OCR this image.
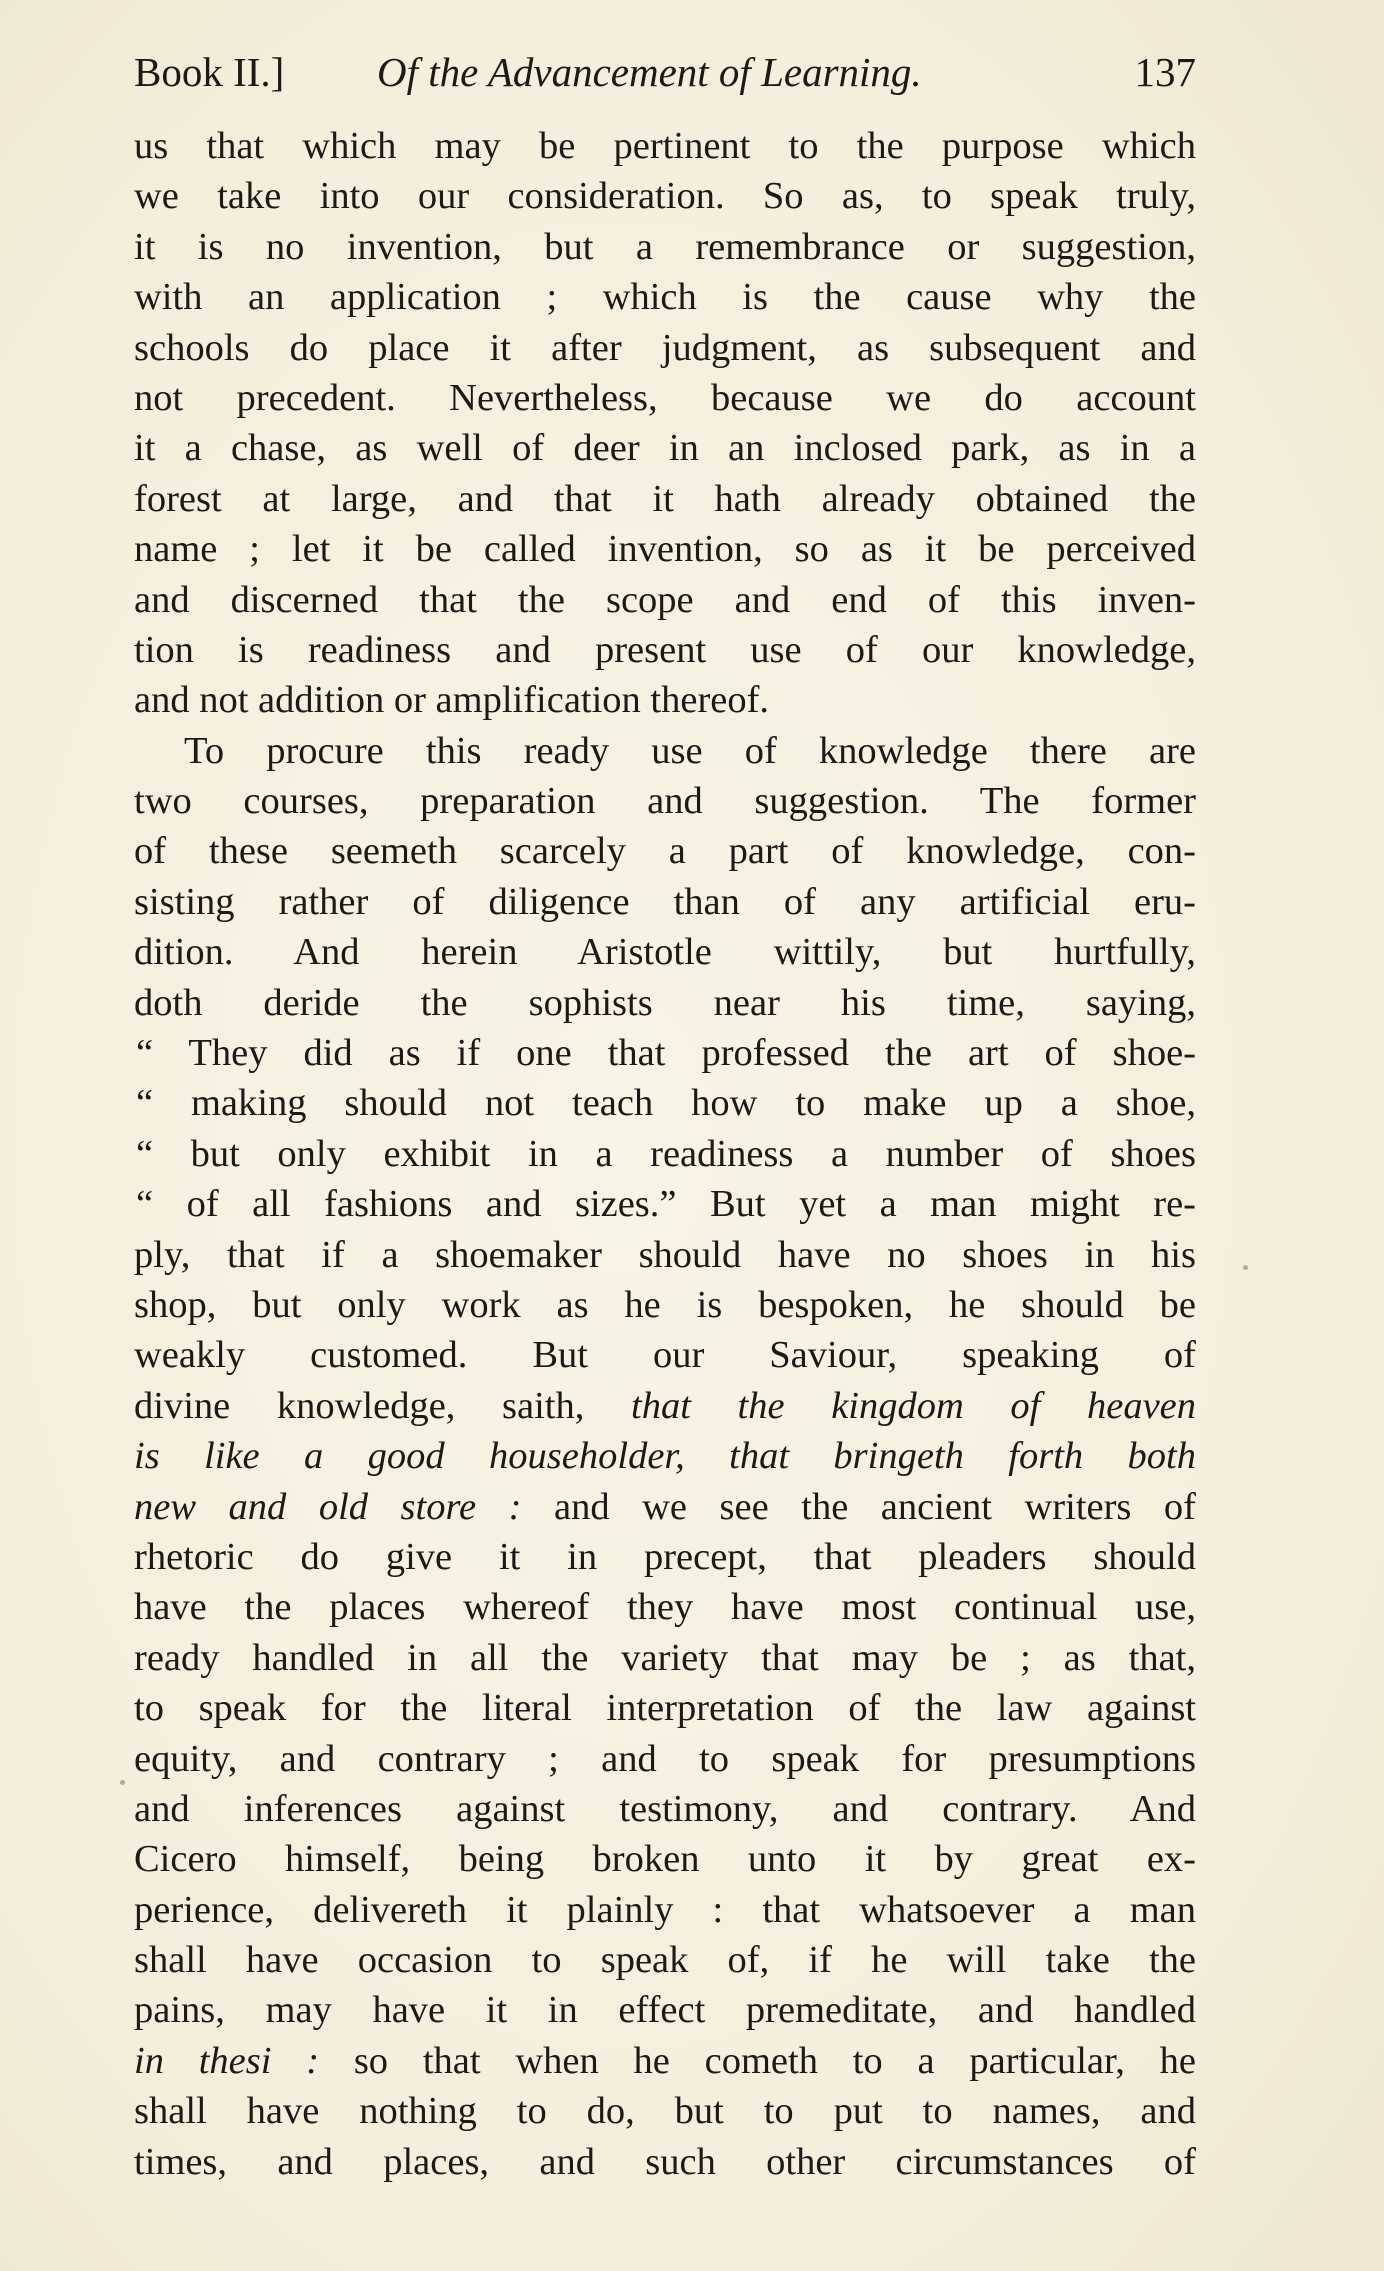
Book II.] Of the Advancement of Learning.	137
us that which may be pertinent to the purpose which
we take into our consideration. So as, to speak truly,
it is no invention, but a remembrance or suggestion,
with an application ; which is the cause why the
schools do place it after judgment, as subsequent and
not precedent. Nevertheless, because we do account
it a chase, as well of deer in an inclosed park, as in a
forest at large, and that it hath already obtained the
name ; let it be called invention, so as it be perceived
and discerned that the scope and end of this inven-
tion is readiness and present use of our knowledge,
and not addition or amplification thereof.
To procure this ready use of knowledge there are
two courses, preparation and suggestion. The former
of these seemeth scarcely a part of knowledge, con-
sisting rather of diligence than of any artificial eru-
dition. And herein Aristotle wittily, but hurtfully,
doth deride the sophists near his time, saying,
“ They did as if one that professed the art of shoe-
“ making should not teach how to make up a shoe,
“ but only exhibit in a readiness a number of shoes
“ of all fashions and sizes.” But yet a man might re-
ply, that if a shoemaker should have no shoes in his
shop, but only work as he is bespoken, he should be
weakly customed. But our Saviour, speaking of
divine knowledge, saith, that the kingdom of heaven
is like a good householder, that bringeth forth both
new and old store : and we see the ancient writers of
rhetoric do give it in precept, that pleaders should
have the places whereof they have most continual use,
ready handled in all the variety that may be ; as that,
to speak for the literal interpretation of the law against
equity, and contrary ; and to speak for presumptions
and inferences against testimony, and contrary. And
Cicero himself, being broken unto it by great ex-
perience, delivereth it plainly : that whatsoever a man
shall have occasion to speak of, if he will take the
pains, may have it in effect premeditate, and handled
in thesi : so that when he cometh to a particular, he
shall have nothing to do, but to put to names, and
times, and places, and such other circumstances of
